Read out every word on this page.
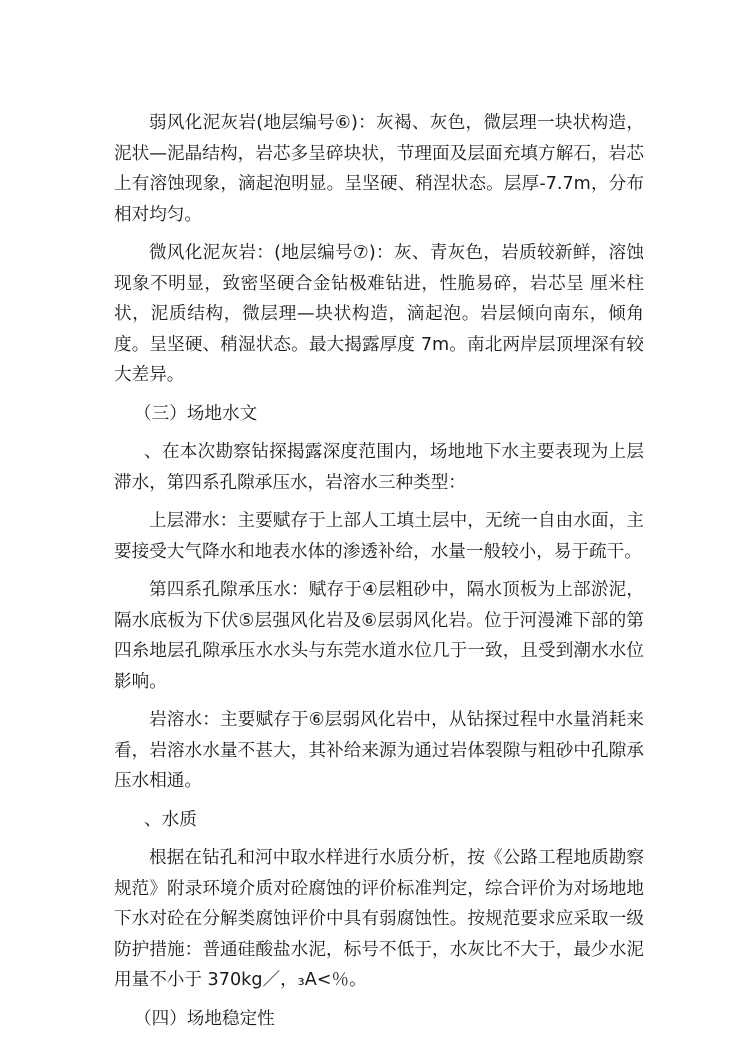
弱风化泥灰岩(地层编号⑥)：灰褐、灰色，微层理一块状构造，泥状—泥晶结构，岩芯多呈碎块状，节理面及层面充填方解石，岩芯上有溶蚀现象，滴起泡明显。呈坚硬、稍涅状态。层厚-7.7m，分布相对均匀。

微风化泥灰岩：(地层编号⑦)：灰、青灰色，岩质较新鲜，溶蚀现象不明显，致密坚硬合金钻极难钻进，性脆易碎，岩芯呈 厘米柱状，泥质结构，微层理—块状构造，滴起泡。岩层倾向南东，倾角度。呈坚硬、稍湿状态。最大揭露厚度 7m。南北两岸层顶埋深有较大差异。

（三）场地水文

、在本次勘察钻探揭露深度范围内，场地地下水主要表现为上层滞水，第四系孔隙承压水，岩溶水三种类型：

上层滞水：主要赋存于上部人工填土层中，无统一自由水面，主要接受大气降水和地表水体的渗透补给，水量一般较小，易于疏干。

第四系孔隙承压水：赋存于④层粗砂中，隔水顶板为上部淤泥，隔水底板为下伏⑤层强风化岩及⑥层弱风化岩。位于河漫滩下部的第四糸地层孔隙承压水水头与东莞水道水位几于一致，且受到潮水水位影响。

岩溶水：主要赋存于⑥层弱风化岩中，从钻探过程中水量消耗来看，岩溶水水量不甚大，其补给来源为通过岩体裂隙与粗砂中孔隙承压水相通。

、水质

根据在钻孔和河中取水样进行水质分析，按《公路工程地质勘察规范》附录环境介质对砼腐蚀的评价标准判定，综合评价为对场地地下水对砼在分解类腐蚀评价中具有弱腐蚀性。按规范要求应采取一级防护措施：普通硅酸盐水泥，标号不低于，水灰比不大于，最少水泥用量不小于 370kg／，₃A<％。

（四）场地稳定性
